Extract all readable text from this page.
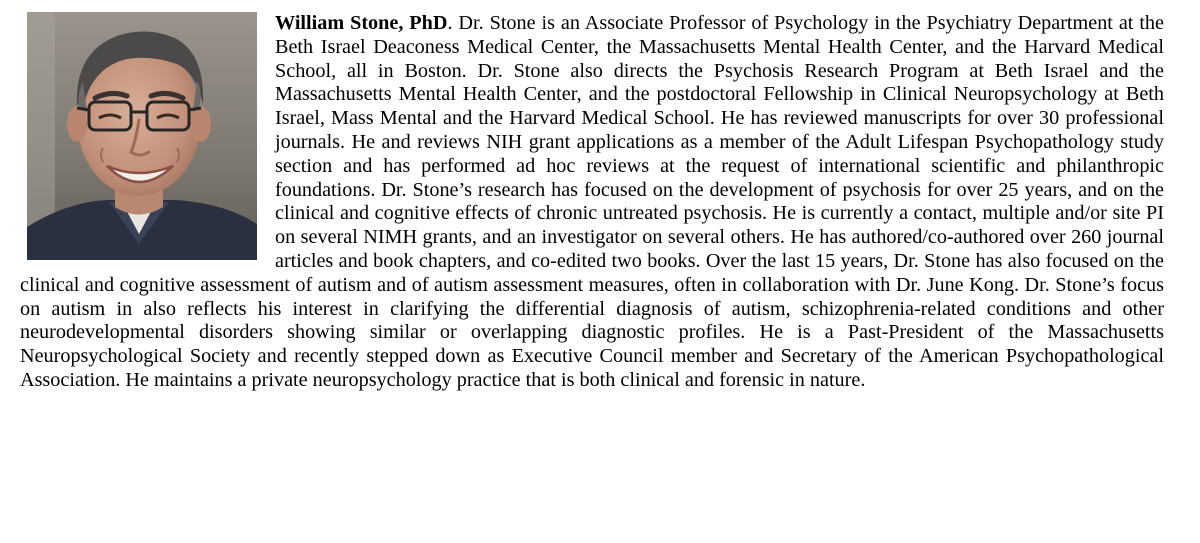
William Stone, PhD. Dr. Stone is an Associate Professor of Psychology in the Psychiatry Department at the Beth Israel Deaconess Medical Center, the Massachusetts Mental Health Center, and the Harvard Medical School, all in Boston. Dr. Stone also directs the Psychosis Research Program at Beth Israel and the Massachusetts Mental Health Center, and the postdoctoral Fellowship in Clinical Neuropsychology at Beth Israel, Mass Mental and the Harvard Medical School. He has reviewed manuscripts for over 30 professional journals. He and reviews NIH grant applications as a member of the Adult Lifespan Psychopathology study section and has performed ad hoc reviews at the request of international scientific and philanthropic foundations. Dr. Stone’s research has focused on the development of psychosis for over 25 years, and on the clinical and cognitive effects of chronic untreated psychosis. He is currently a contact, multiple and/or site PI on several NIMH grants, and an investigator on several others. He has authored/co-authored over 260 journal articles and book chapters, and co-edited two books. Over the last 15 years, Dr. Stone has also focused on the clinical and cognitive assessment of autism and of autism assessment measures, often in collaboration with Dr. June Kong. Dr. Stone’s focus on autism in also reflects his interest in clarifying the differential diagnosis of autism, schizophrenia-related conditions and other neurodevelopmental disorders showing similar or overlapping diagnostic profiles. He is a Past-President of the Massachusetts Neuropsychological Society and recently stepped down as Executive Council member and Secretary of the American Psychopathological Association. He maintains a private neuropsychology practice that is both clinical and forensic in nature.
